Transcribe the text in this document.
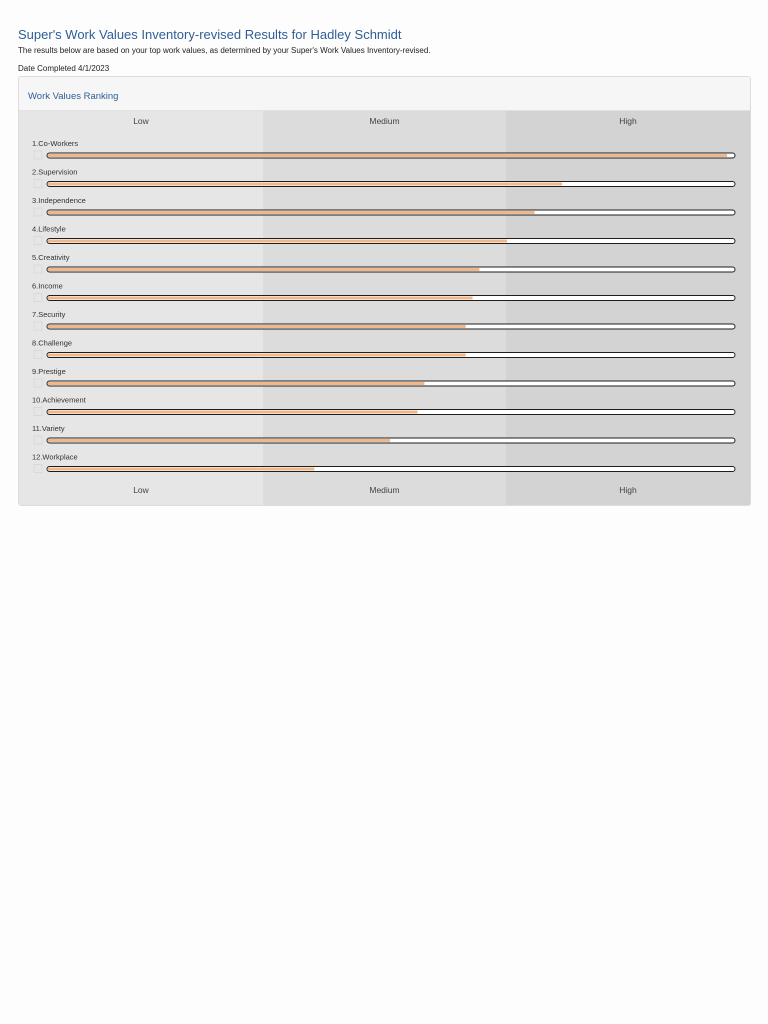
Super's Work Values Inventory-revised Results for Hadley Schmidt
The results below are based on your top work values, as determined by your Super's Work Values Inventory-revised.
Date Completed 4/1/2023
Work Values Ranking
Low	Medium	High
Low	Medium	High
1.Co-Workers
2.Supervision
3.Independence
4.Lifestyle
5.Creativity
6.Income
7.Security
8.Challenge
9.Prestige
10.Achievement
11.Variety
12.Workplace
